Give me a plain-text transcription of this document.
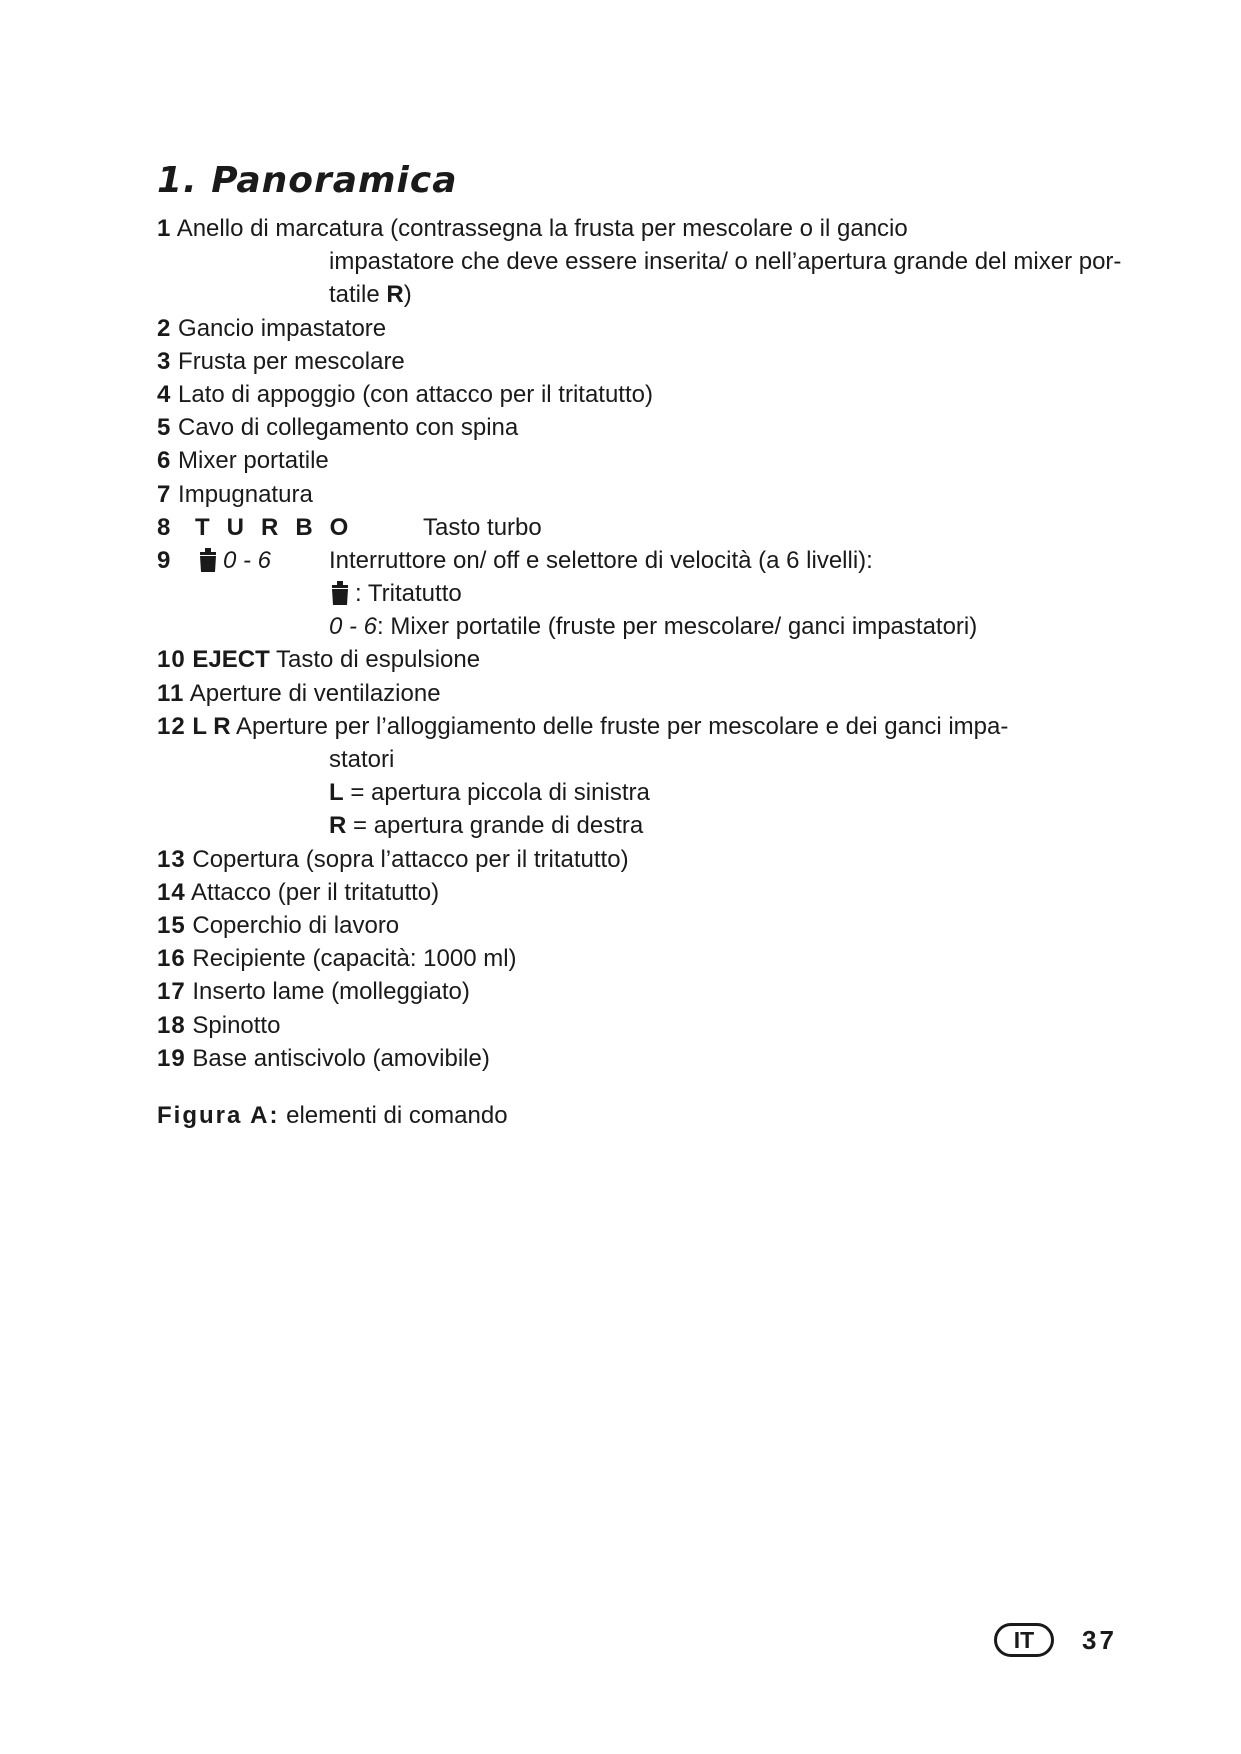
1. Panoramica
1 Anello di marcatura (contrassegna la frusta per mescolare o il gancio
impastatore che deve essere inserita/ o nell’apertura grande del mixer por-
tatile R)
2 Gancio impastatore
3 Frusta per mescolare
4 Lato di appoggio (con attacco per il tritatutto)
5 Cavo di collegamento con spina
6 Mixer portatile
7 Impugnatura
8 TURBO Tasto turbo
9	0 - 6 Interruttore on/ off e selettore di velocità (a 6 livelli):
: Tritatutto
0 - 6: Mixer portatile (fruste per mescolare/ ganci impastatori)
10 EJECT Tasto di espulsione
11 Aperture di ventilazione
12 L R Aperture per l’alloggiamento delle fruste per mescolare e dei ganci impa-
statori
L = apertura piccola di sinistra
R = apertura grande di destra
13 Copertura (sopra l’attacco per il tritatutto)
14 Attacco (per il tritatutto)
15 Coperchio di lavoro
16 Recipiente (capacità: 1000 ml)
17 Inserto lame (molleggiato)
18 Spinotto
19 Base antiscivolo (amovibile)
Figura A: elementi di comando
IT	37
